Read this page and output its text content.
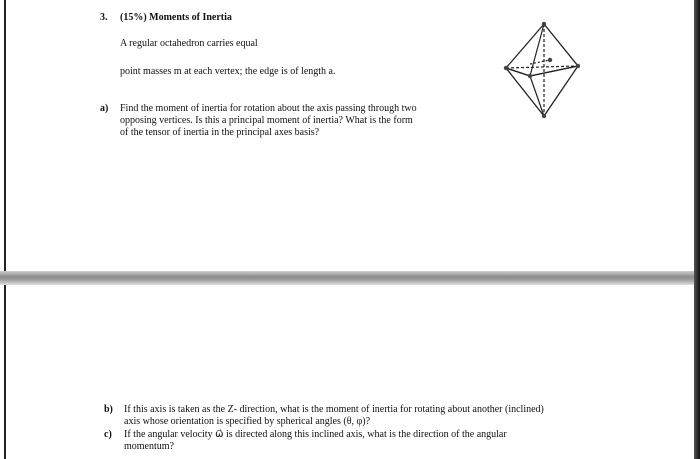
3. (15%) Moments of Inertia
A regular octahedron carries equal
point masses m at each vertex; the edge is of length a.
a) Find the moment of inertia for rotation about the axis passing through two
opposing vertices. Is this a principal moment of inertia? What is the form
of the tensor of inertia in the principal axes basis?
b) If this axis is taken as the Z- direction, what is the moment of inertia for rotating about another (inclined)
axis whose orientation is specified by spherical angles (θ, φ)?
c) If the angular velocity ω⃗ is directed along this inclined axis, what is the direction of the angular
momentum?
